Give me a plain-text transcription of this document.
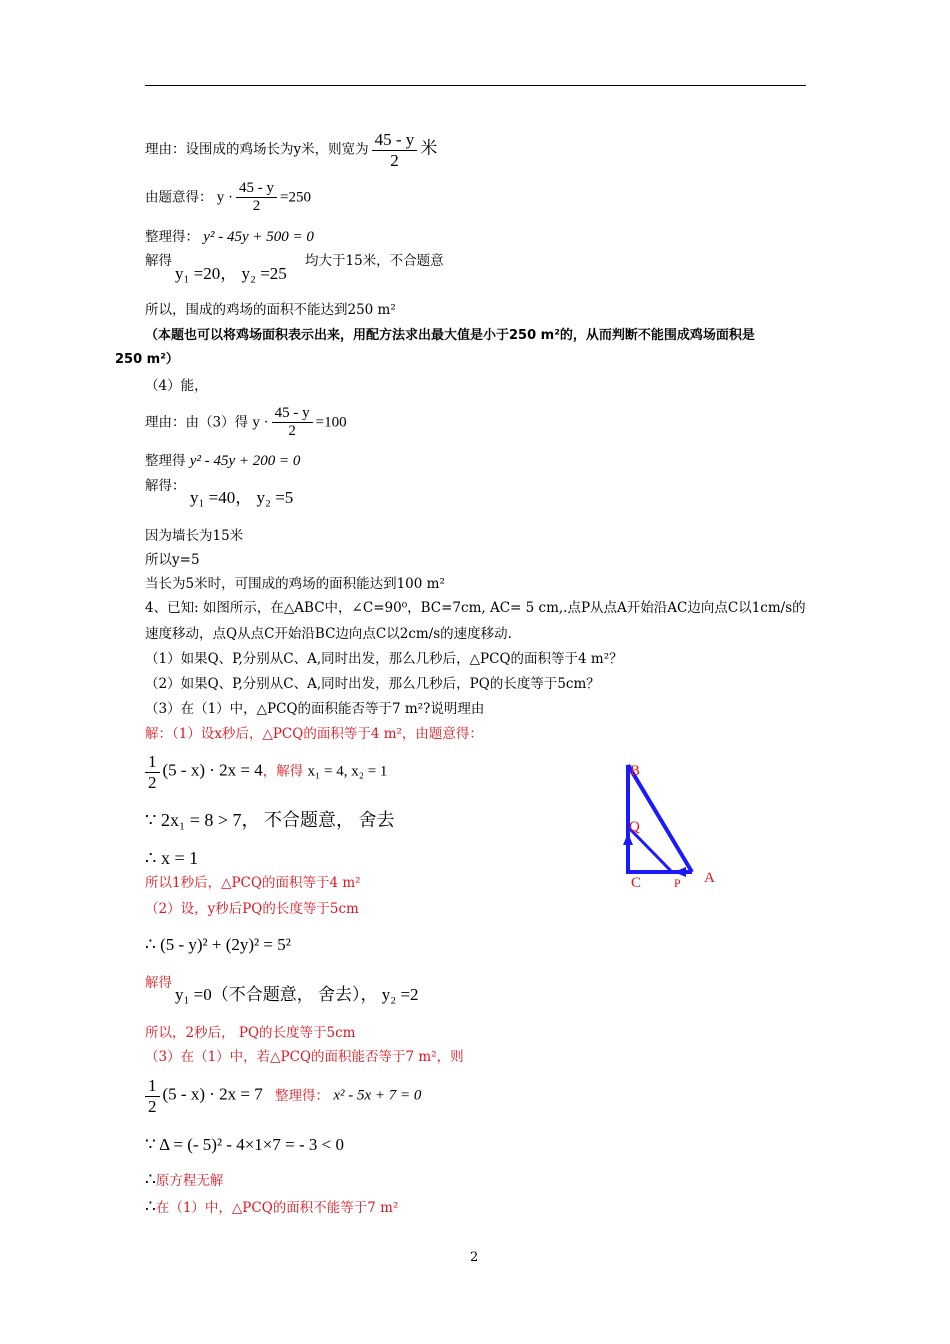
理由：设围成的鸡场长为y米，则宽为 $\frac{45 - y}{2}$ 米
由题意得： $y \cdot \frac{45 - y}{2} =250$
整理得： y² - 45y + 500 = 0
解得
y₁ =20， y₂ =25
均大于15米，不合题意
所以，围成的鸡场的面积不能达到250 m²
（本题也可以将鸡场面积表示出来，用配方法求出最大值是小于250 m²的，从而判断不能围成鸡场面积是
250 m²）
（4）能，
理由：由（3）得 $y \cdot \frac{45 - y}{2} =100$
整理得 y² - 45y + 200 = 0
解得：
y₁ =40， y₂ =5
因为墙长为15米
所以y=5
当长为5米时，可围成的鸡场的面积能达到100 m²
4、已知: 如图所示，在△ABC中，∠C=90⁰，BC=7cm, AC= 5 cm,.点P从点A开始沿AC边向点C以1cm/s的
速度移动，点Q从点C开始沿BC边向点C以2cm/s的速度移动.
（1）如果Q、P,分别从C、A,同时出发，那么几秒后，△PCQ的面积等于4 m²？
（2）如果Q、P,分别从C、A,同时出发，那么几秒后，PQ的长度等于5cm？
（3）在（1）中，△PCQ的面积能否等于7 m²?说明理由
解：（1）设x秒后，△PCQ的面积等于4 m²，由题意得：
$\frac{1}{2} (5 - x) \cdot 2x = 4$，解得 x₁ = 4, x₂ = 1
∵ 2x₁ = 8 > 7， 不合题意， 舍去
∴ x = 1
所以1秒后，△PCQ的面积等于4 m²
（2）设，y秒后PQ的长度等于5cm
∴ (5 - y)² + (2y)² = 5²
解得
y₁ =0（不合题意， 舍去）， y₂ =2
所以，2秒后， PQ的长度等于5cm
（3）在（1）中，若△PCQ的面积能否等于7 m²，则
$\frac{1}{2} (5 - x) \cdot 2x = 7$ 整理得： x² - 5x + 7 = 0
∵ Δ = (- 5)² - 4×1×7 = - 3 < 0
∴原方程无解
∴在（1）中，△PCQ的面积不能等于7 m²
B
Q
C	P A
2
